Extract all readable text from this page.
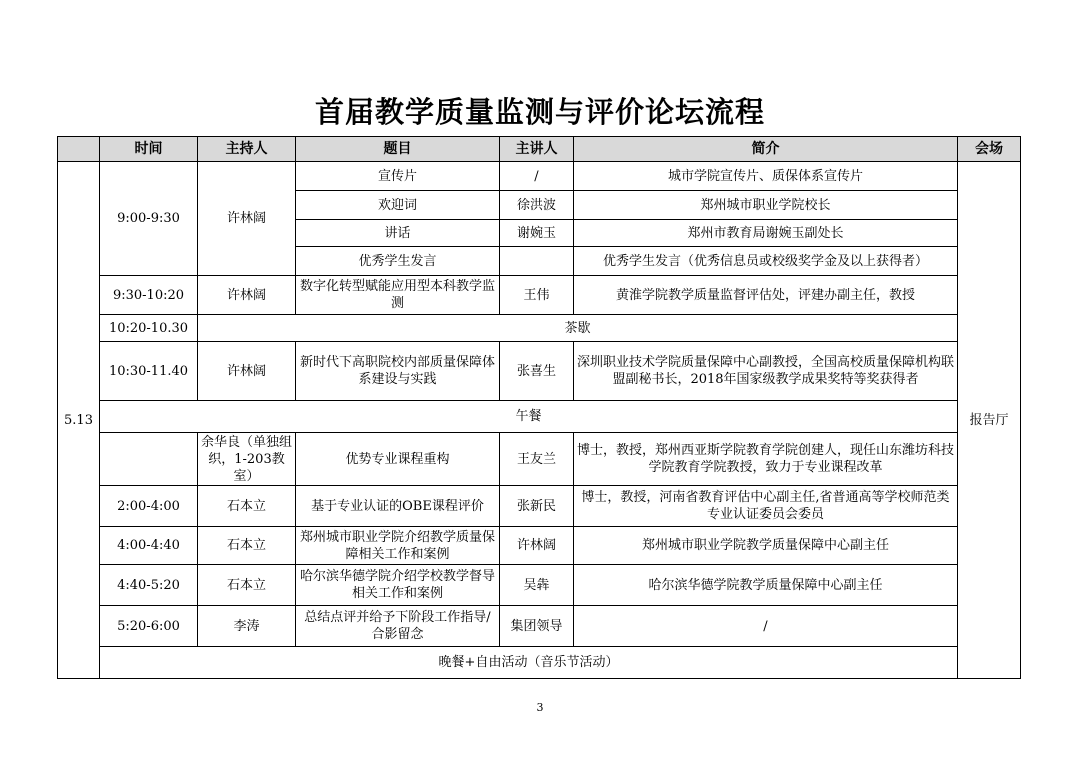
首届教学质量监测与评价论坛流程
	时间	主持人	题目	主讲人	简介	会场
5.13	9:00-9:30	许林阔	宣传片	/	城市学院宣传片、质保体系宣传片	报告厅
			欢迎词	徐洪波	郑州城市职业学院校长	
			讲话	谢婉玉	郑州市教育局谢婉玉副处长	
			优秀学生发言		优秀学生发言（优秀信息员或校级奖学金及以上获得者）	
	9:30-10:20	许林阔	数字化转型赋能应用型本科教学监测	王伟	黄淮学院教学质量监督评估处，评建办副主任，教授	
	10:20-10.30	茶歇				
	10:30-11.40	许林阔	新时代下高职院校内部质量保障体系建设与实践	张喜生	深圳职业技术学院质量保障中心副教授，全国高校质量保障机构联盟副秘书长，2018年国家级教学成果奖特等奖获得者	
	午餐					
		余华良（单独组织，1-203教室）	优势专业课程重构	王友兰	博士，教授，郑州西亚斯学院教育学院创建人，现任山东潍坊科技学院教育学院教授，致力于专业课程改革	
	2:00-4:00	石本立	基于专业认证的OBE课程评价	张新民	博士，教授，河南省教育评估中心副主任,省普通高等学校师范类专业认证委员会委员	
	4:00-4:40	石本立	郑州城市职业学院介绍教学质量保障相关工作和案例	许林阔	郑州城市职业学院教学质量保障中心副主任	
	4:40-5:20	石本立	哈尔滨华德学院介绍学校教学督导相关工作和案例	吴犇	哈尔滨华德学院教学质量保障中心副主任	
	5:20-6:00	李涛	总结点评并给予下阶段工作指导/合影留念	集团领导	/	
	晚餐+自由活动（音乐节活动）					
3
